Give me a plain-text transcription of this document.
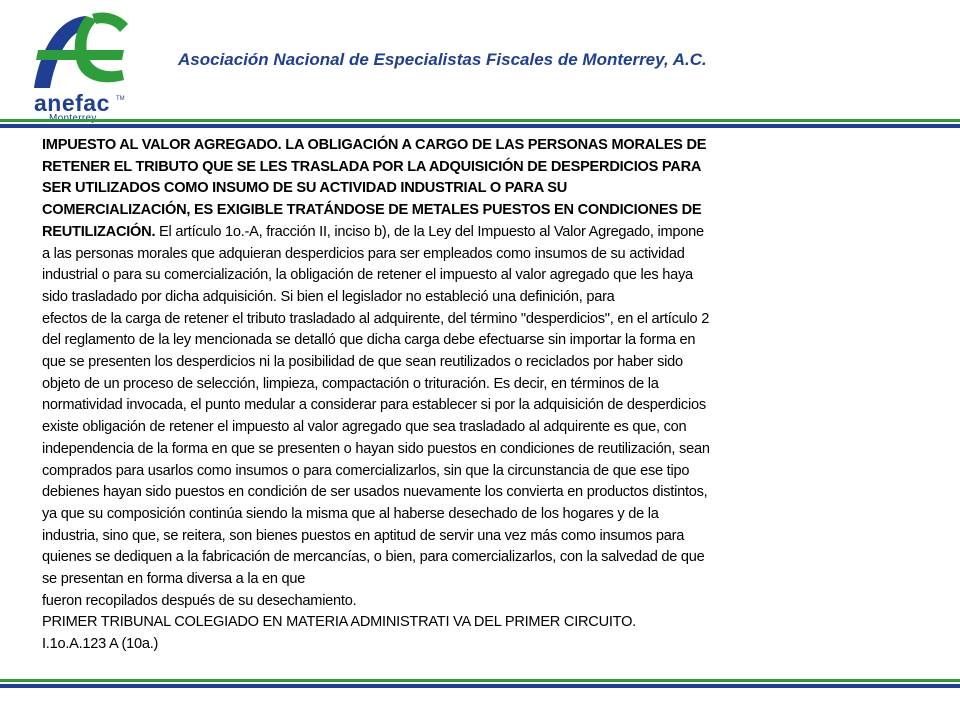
anefac TM
Asociación Nacional de Especialistas Fiscales de Monterrey, A.C.

IMPUESTO AL VALOR AGREGADO. LA OBLIGACIÓN A CARGO DE LAS PERSONAS MORALES DE

RETENER EL TRIBUTO QUE SE LES TRASLADA POR LA ADQUISICIÓN DE DESPERDICIOS PARA

SER UTILIZADOS COMO INSUMO DE SU ACTIVIDAD INDUSTRIAL O PARA SU

COMERCIALIZACIÓN, ES EXIGIBLE TRATÁNDOSE DE METALES PUESTOS EN CONDICIONES DE

REUTILIZACIÓN. El artículo 1o.-A, fracción II, inciso b), de la Ley del Impuesto al Valor Agregado, impone

a las personas morales que adquieran desperdicios para ser empleados como insumos de su actividad

industrial o para su comercialización, la obligación de retener el impuesto al valor agregado que les haya

sido trasladado por dicha adquisición. Si bien el legislador no estableció una definición, para

efectos de la carga de retener el tributo trasladado al adquirente, del término "desperdicios", en el artículo 2

del reglamento de la ley mencionada se detalló que dicha carga debe efectuarse sin importar la forma en

que se presenten los desperdicios ni la posibilidad de que sean reutilizados o reciclados por haber sido

objeto de un proceso de selección, limpieza, compactación o trituración. Es decir, en términos de la

normatividad invocada, el punto medular a considerar para establecer si por la adquisición de desperdicios

existe obligación de retener el impuesto al valor agregado que sea trasladado al adquirente es que, con

independencia de la forma en que se presenten o hayan sido puestos en condiciones de reutilización, sean

comprados para usarlos como insumos o para comercializarlos, sin que la circunstancia de que ese tipo

debienes hayan sido puestos en condición de ser usados nuevamente los convierta en productos distintos,

ya que su composición continúa siendo la misma que al haberse desechado de los hogares y de la

industria, sino que, se reitera, son bienes puestos en aptitud de servir una vez más como insumos para

quienes se dediquen a la fabricación de mercancías, o bien, para comercializarlos, con la salvedad de que

se presentan en forma diversa a la en que

fueron recopilados después de su desechamiento.

PRIMER TRIBUNAL COLEGIADO EN MATERIA ADMINISTRATI VA DEL PRIMER CIRCUITO.

I.1o.A.123 A (10a.)
